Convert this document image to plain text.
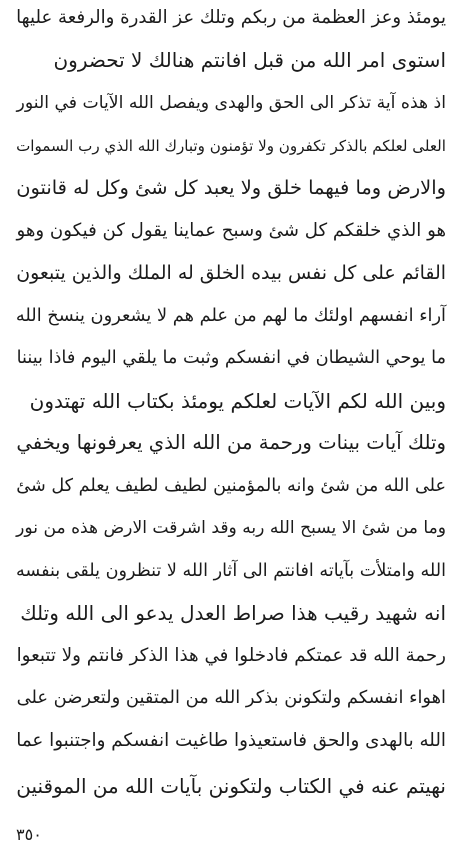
يومئذ وعز العظمة من ربكم وتلك عز القدرة والرفعة عليها
استوى امر الله من قبل افانتم هنالك لا تحضرون
اذ هذه آية تذكر الى الحق والهدى ويفصل الله الآيات في النور
العلى لعلكم بالذكر تكفرون ولا تؤمنون وتبارك الله الذي رب السموات
والارض وما فيهما خلق ولا يعبد كل شئ وكل له قانتون
هو الذي خلقكم كل شئ وسبح عماينا يقول كن فيكون وهو
القائم على كل نفس بيده الخلق له الملك والذين يتبعون
آراء انفسهم اولئك ما لهم من علم هم لا يشعرون ينسخ الله
ما يوحي الشيطان في انفسكم وثبت ما يلقي اليوم فاذا بيننا
وبين الله لكم الآيات لعلكم يومئذ بكتاب الله تهتدون
وتلك آيات بينات ورحمة من الله الذي يعرفونها ويخفي
على الله من شئ وانه بالمؤمنين لطيف لطيف يعلم كل شئ
وما من شئ الا يسبح الله ربه وقد اشرقت الارض هذه من نور
الله وامتلأت بآياته افانتم الى آثار الله لا تنظرون يلقى بنفسه
انه شهيد رقيب هذا صراط العدل يدعو الى الله وتلك
رحمة الله قد عمتكم فادخلوا في هذا الذكر فانتم ولا تتبعوا
اهواء انفسكم ولتكونن بذكر الله من المتقين ولتعرضن على
الله بالهدى والحق فاستعيذوا طاغيت انفسكم واجتنبوا عما
نهيتم عنه في الكتاب ولتكونن بآيات الله من الموقنين
٣٥٠
